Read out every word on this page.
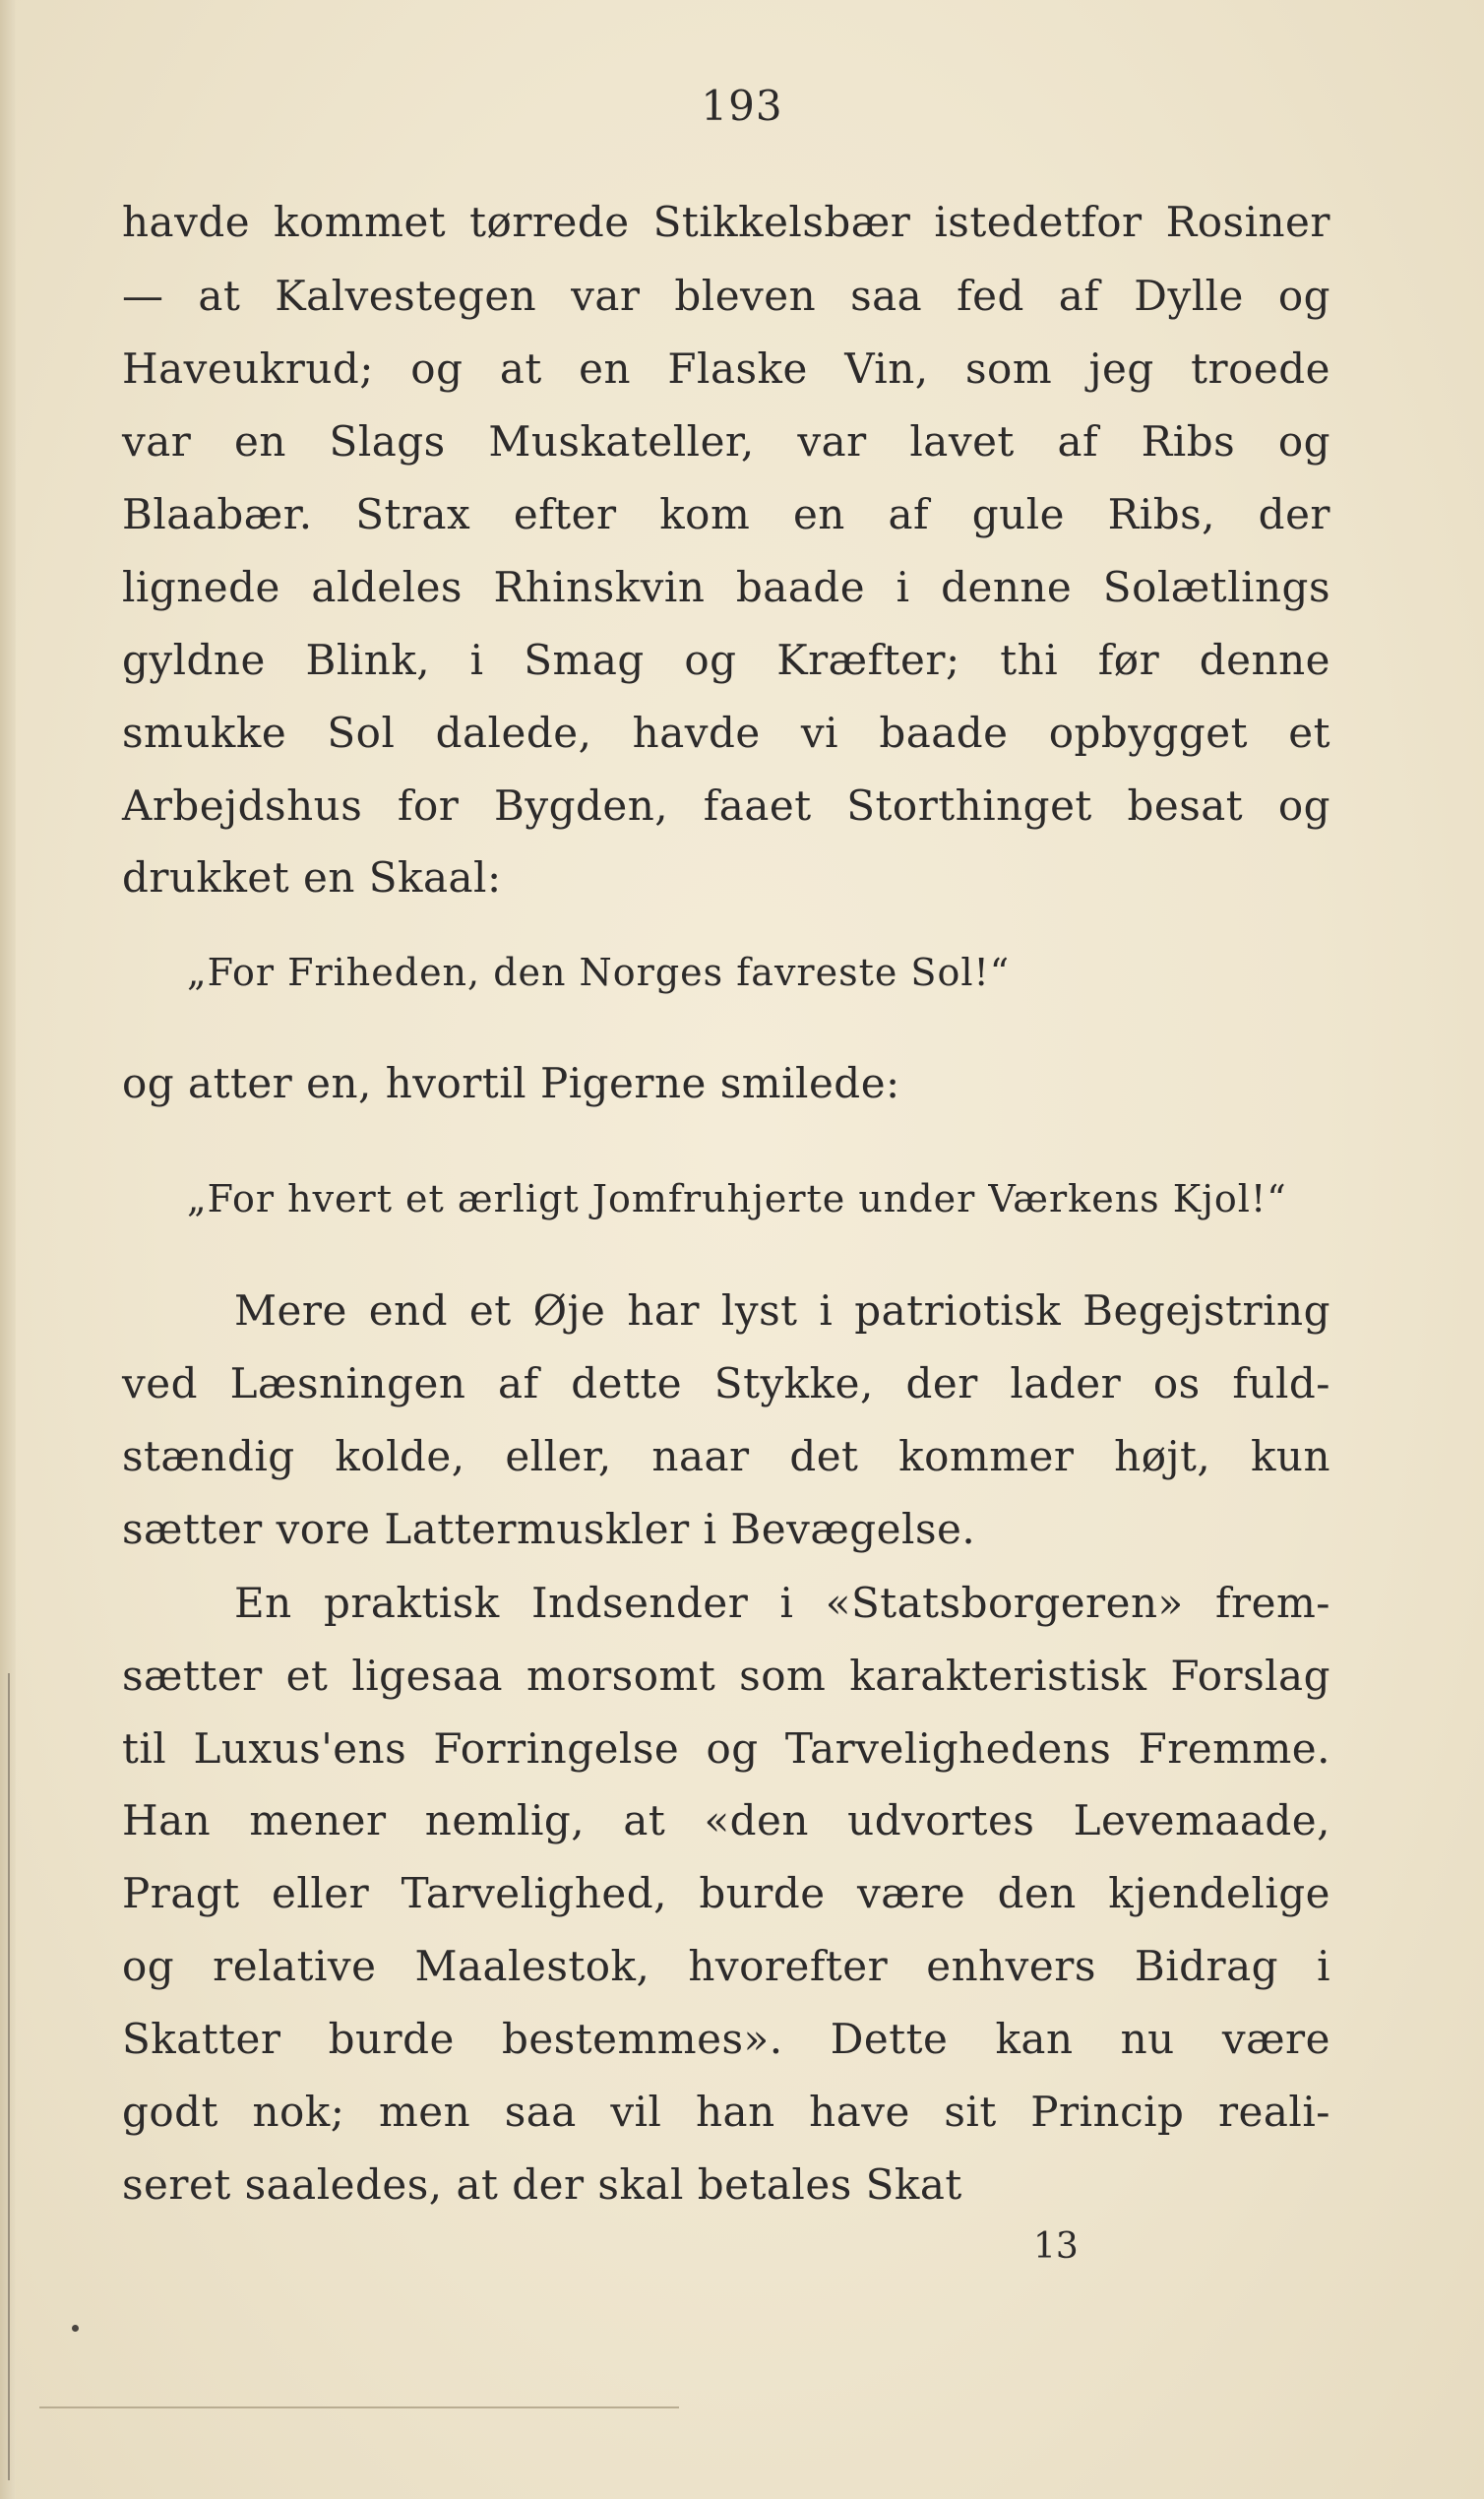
193
havde kommet tørrede Stikkelsbær istedetfor Rosiner
— at Kalvestegen var bleven saa fed af Dylle og
Haveukrud; og at en Flaske Vin, som jeg troede
var en Slags Muskateller, var lavet af Ribs og
Blaabær. Strax efter kom en af gule Ribs, der
lignede aldeles Rhinskvin baade i denne Solætlings
gyldne Blink, i Smag og Kræfter; thi før denne
smukke Sol dalede, havde vi baade opbygget et
Arbejdshus for Bygden, faaet Storthinget besat og
drukket en Skaal:
„For Friheden, den Norges favreste Sol!“
og atter en, hvortil Pigerne smilede:
„For hvert et ærligt Jomfruhjerte under Værkens Kjol!“
Mere end et Øje har lyst i patriotisk Begejstring
ved Læsningen af dette Stykke, der lader os fuld-
stændig kolde, eller, naar det kommer højt, kun
sætter vore Lattermuskler i Bevægelse.
En praktisk Indsender i «Statsborgeren» frem-
sætter et ligesaa morsomt som karakteristisk Forslag
til Luxus'ens Forringelse og Tarvelighedens Fremme.
Han mener nemlig, at «den udvortes Levemaade,
Pragt eller Tarvelighed, burde være den kjendelige
og relative Maalestok, hvorefter enhvers Bidrag i
Skatter burde bestemmes». Dette kan nu være
godt nok; men saa vil han have sit Princip reali-
seret saaledes, at der skal betales Skat
13
